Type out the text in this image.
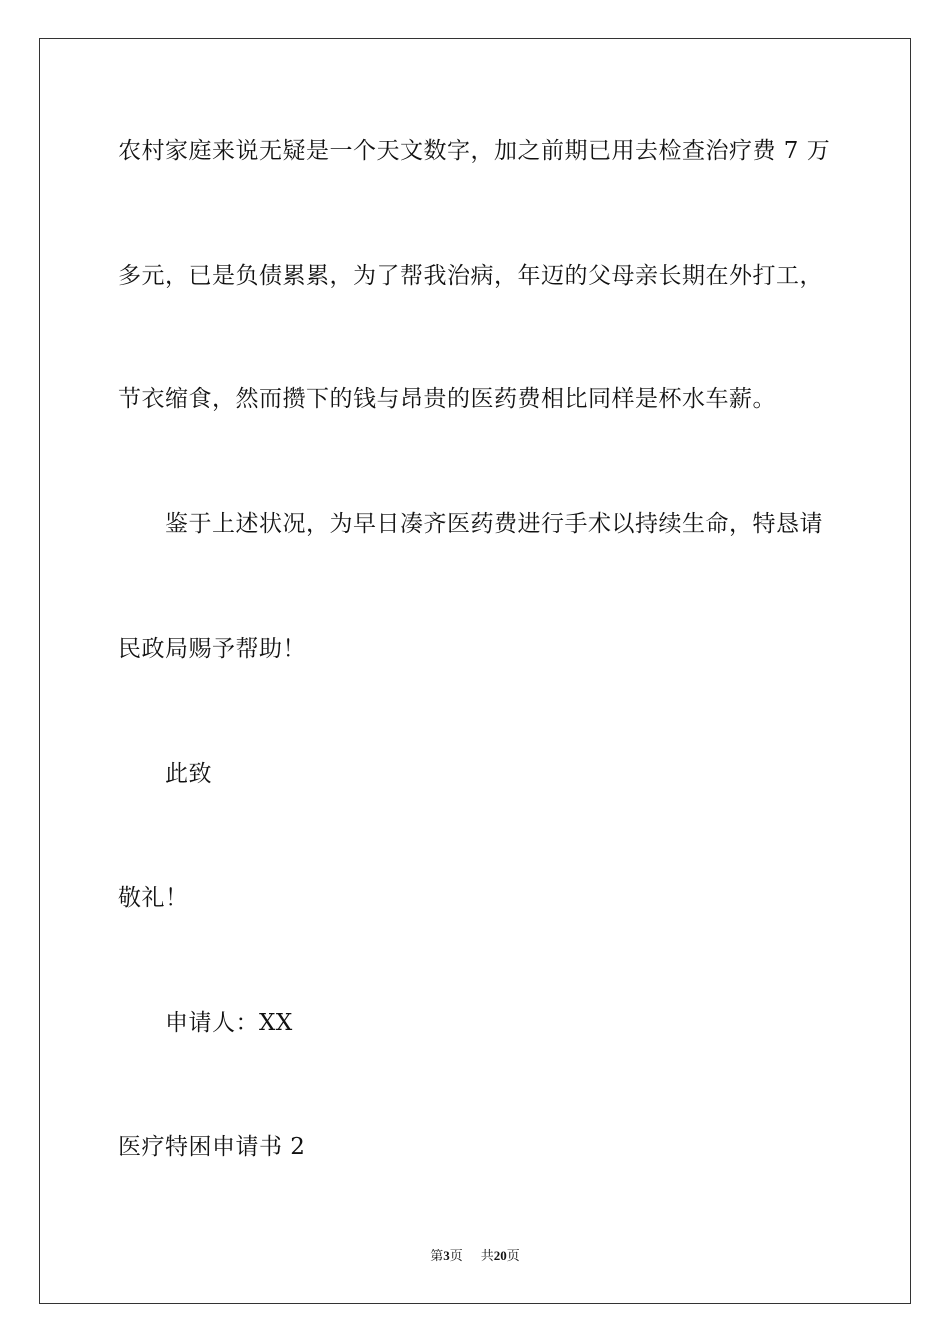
农村家庭来说无疑是一个天文数字，加之前期已用去检查治疗费 7 万
多元，已是负债累累，为了帮我治病，年迈的父母亲长期在外打工，
节衣缩食，然而攒下的钱与昂贵的医药费相比同样是杯水车薪。
鉴于上述状况，为早日凑齐医药费进行手术以持续生命，特恳请
民政局赐予帮助！
此致
敬礼！
申请人：XX
医疗特困申请书 2
第3页 共20页
